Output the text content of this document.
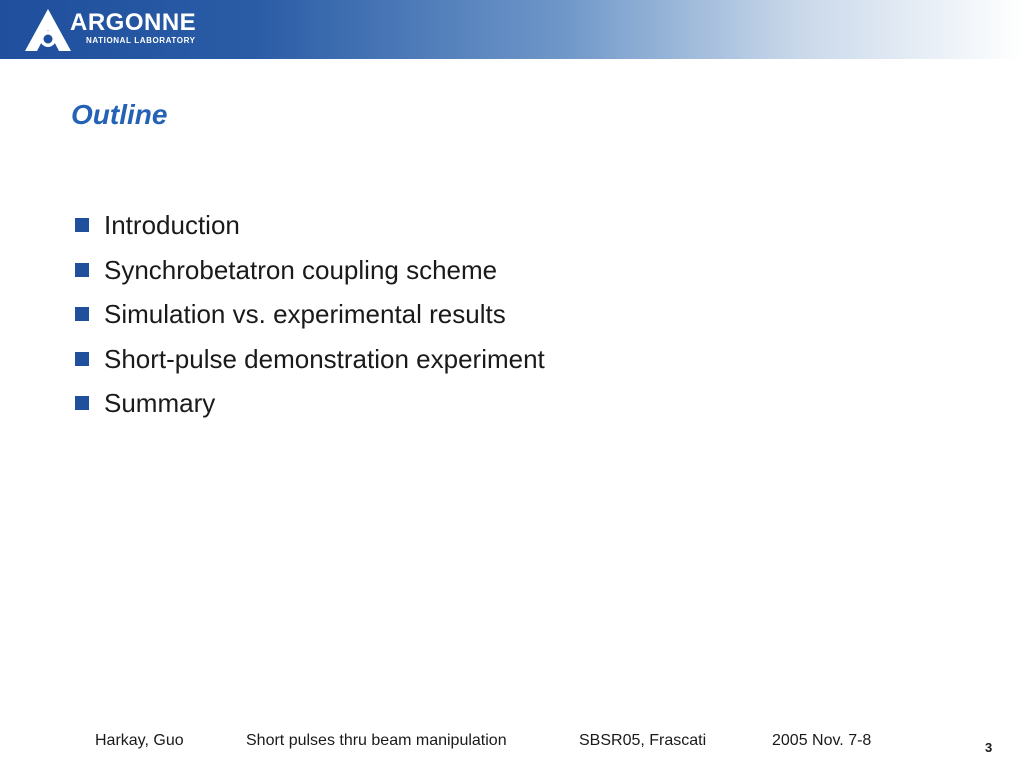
ARGONNE
NATIONAL LABORATORY
Outline
Introduction
Synchrobetatron coupling scheme
Simulation vs. experimental results
Short-pulse demonstration experiment
Summary
Harkay, Guo	Short pulses thru beam manipulation	SBSR05, Frascati	2005 Nov. 7-8	3
